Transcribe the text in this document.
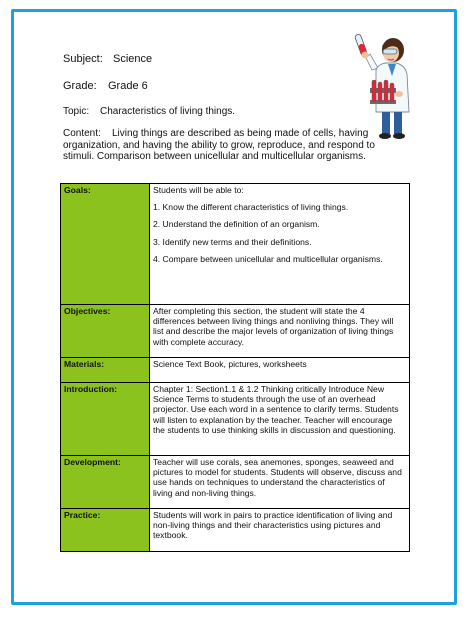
Subject: Science
Grade: Grade 6
Topic: Characteristics of living things.
Content: Living things are described as being made of cells, having organization, and having the ability to grow, reproduce, and respond to stimuli. Comparison between unicellular and multicellular organisms.
Goals:	Students will be able to:

1. Know the different characteristics of living things.

2. Understand the definition of an organism.

3. Identify new terms and their definitions.

4. Compare between unicellular and multicellular organisms.

Objectives:	After completing this section, the student will state the 4 differences between living things and nonliving things. They will list and describe the major levels of organization of living things with complete accuracy.
Materials:	Science Text Book, pictures, worksheets
Introduction:	Chapter 1: Section1.1 & 1.2 Thinking critically Introduce New Science Terms to students through the use of an overhead projector. Use each word in a sentence to clarify terms. Students will listen to explanation by the teacher. Teacher will encourage the students to use thinking skills in discussion and questioning.
Development:	Teacher will use corals, sea anemones, sponges, seaweed and pictures to model for students. Students will observe, discuss and use hands on techniques to understand the characteristics of living and non-living things.
Practice:	Students will work in pairs to practice identification of living and non-living things and their characteristics using pictures and textbook.
